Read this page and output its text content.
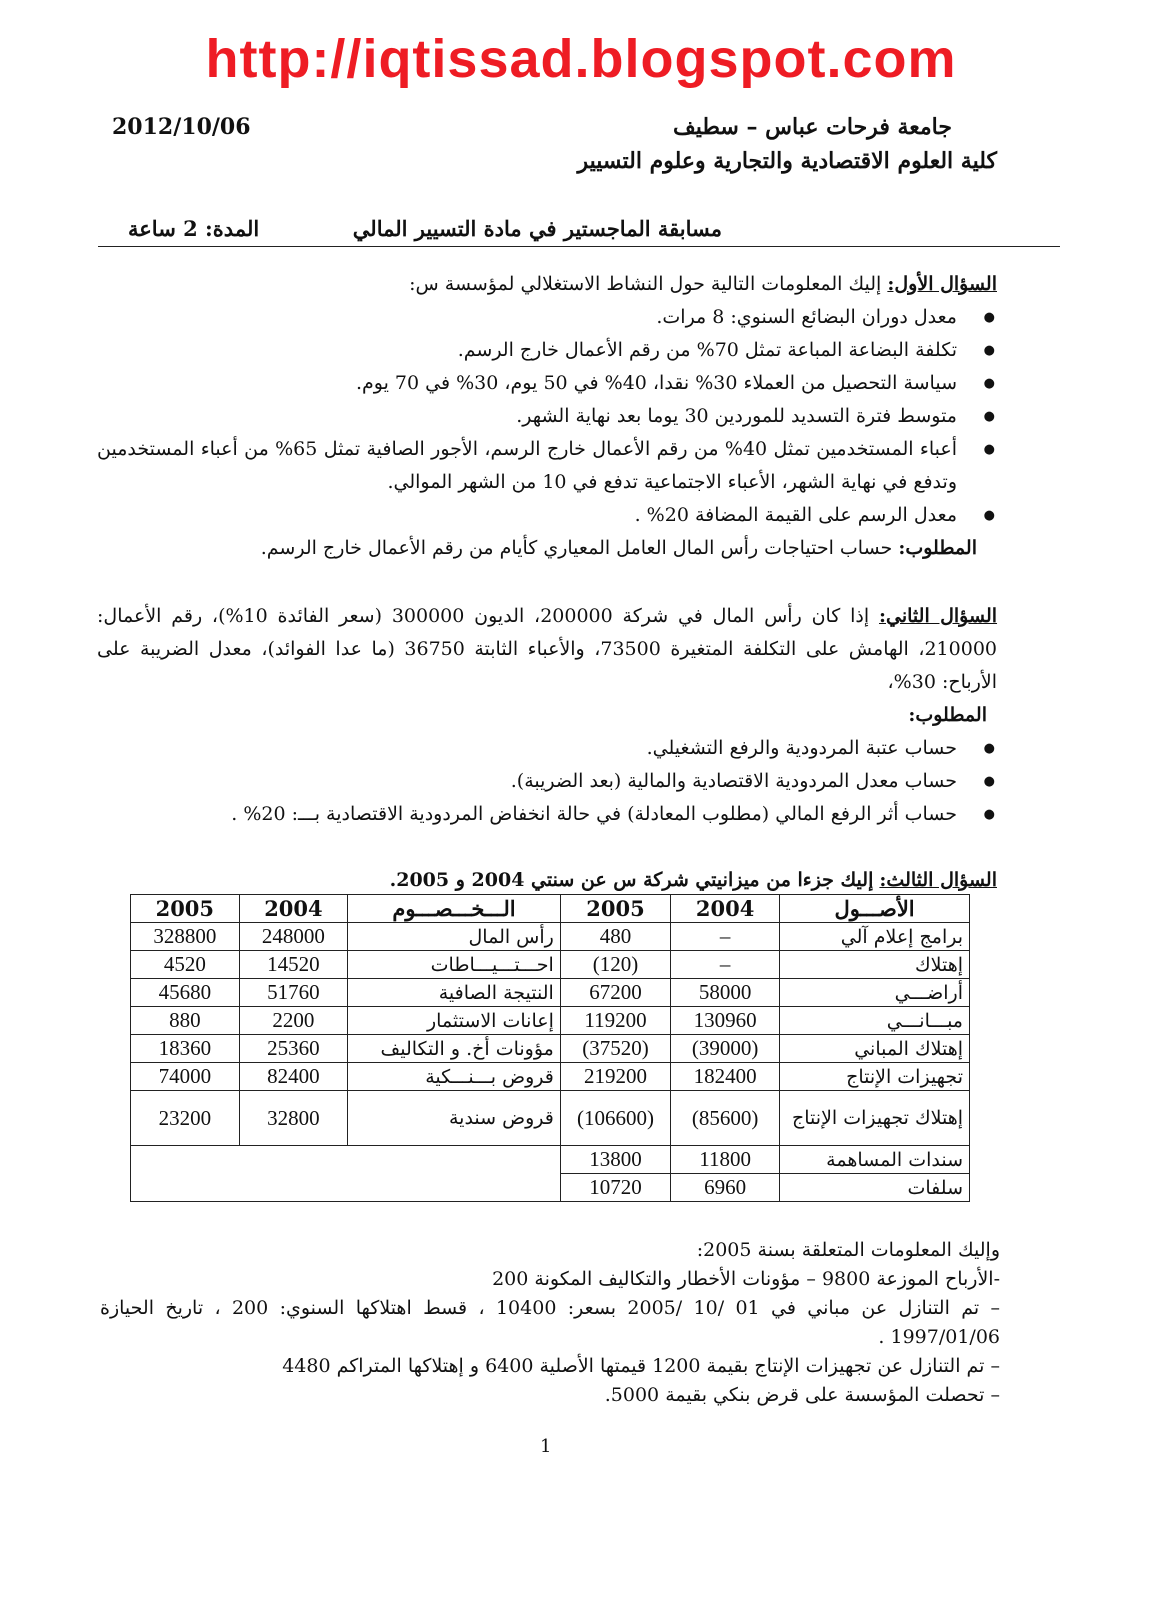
http://iqtissad.blogspot.com
2012/10/06	جامعة فرحات عباس – سطيف
كلية العلوم الاقتصادية والتجارية وعلوم التسيير
مسابقة الماجستير في مادة التسيير المالي
المدة: 2 ساعة
السؤال الأول: إليك المعلومات التالية حول النشاط الاستغلالي لمؤسسة س:
● معدل دوران البضائع السنوي: 8 مرات.
● تكلفة البضاعة المباعة تمثل 70% من رقم الأعمال خارج الرسم.
● سياسة التحصيل من العملاء 30% نقدا، 40% في 50 يوم، 30% في 70 يوم.
● متوسط فترة التسديد للموردين 30 يوما بعد نهاية الشهر.
● أعباء المستخدمين تمثل 40% من رقم الأعمال خارج الرسم، الأجور الصافية تمثل 65% من أعباء المستخدمين وتدفع في نهاية الشهر، الأعباء الاجتماعية تدفع في 10 من الشهر الموالي.
● معدل الرسم على القيمة المضافة 20% .
المطلوب: حساب احتياجات رأس المال العامل المعياري كأيام من رقم الأعمال خارج الرسم.
السؤال الثاني: إذا كان رأس المال في شركة 200000، الديون 300000 (سعر الفائدة 10%)، رقم الأعمال: 210000، الهامش على التكلفة المتغيرة 73500، والأعباء الثابتة 36750 (ما عدا الفوائد)، معدل الضريبة على الأرباح: 30%،
المطلوب:
● حساب عتبة المردودية والرفع التشغيلي.
● حساب معدل المردودية الاقتصادية والمالية (بعد الضريبة).
● حساب أثر الرفع المالي (مطلوب المعادلة) في حالة انخفاض المردودية الاقتصادية بـــ: 20% .
السؤال الثالث: إليك جزءا من ميزانيتي شركة س عن سنتي 2004 و 2005.
الأصـــول	2004	2005	الـــخـــصـــوم	2004	2005
برامج إعلام آلي	–	480	رأس المال	248000	328800
إهتلاك	–	(120)	احـــتـــيـــاطات	14520	4520
أراضـــي	58000	67200	النتيجة الصافية	51760	45680
مبـــانـــي	130960	119200	إعانات الاستثمار	2200	880
إهتلاك المباني	(39000)	(37520)	مؤونات أخ. و التكاليف	25360	18360
تجهيزات الإنتاج	182400	219200	قروض بـــنـــكية	82400	74000
إهتلاك تجهيزات الإنتاج	(85600)	(106600)	قروض سندية	32800	23200
سندات المساهمة	11800	13800			
سلفات	6960	10720			
وإليك المعلومات المتعلقة بسنة 2005:
-الأرباح الموزعة 9800 – مؤونات الأخطار والتكاليف المكونة 200
– تم التنازل عن مباني في 01 /10 /2005 بسعر: 10400 ، قسط اهتلاكها السنوي: 200 ، تاريخ الحيازة 1997/01/06 .
– تم التنازل عن تجهيزات الإنتاج بقيمة 1200 قيمتها الأصلية 6400 و إهتلاكها المتراكم 4480
– تحصلت المؤسسة على قرض بنكي بقيمة 5000.
1
